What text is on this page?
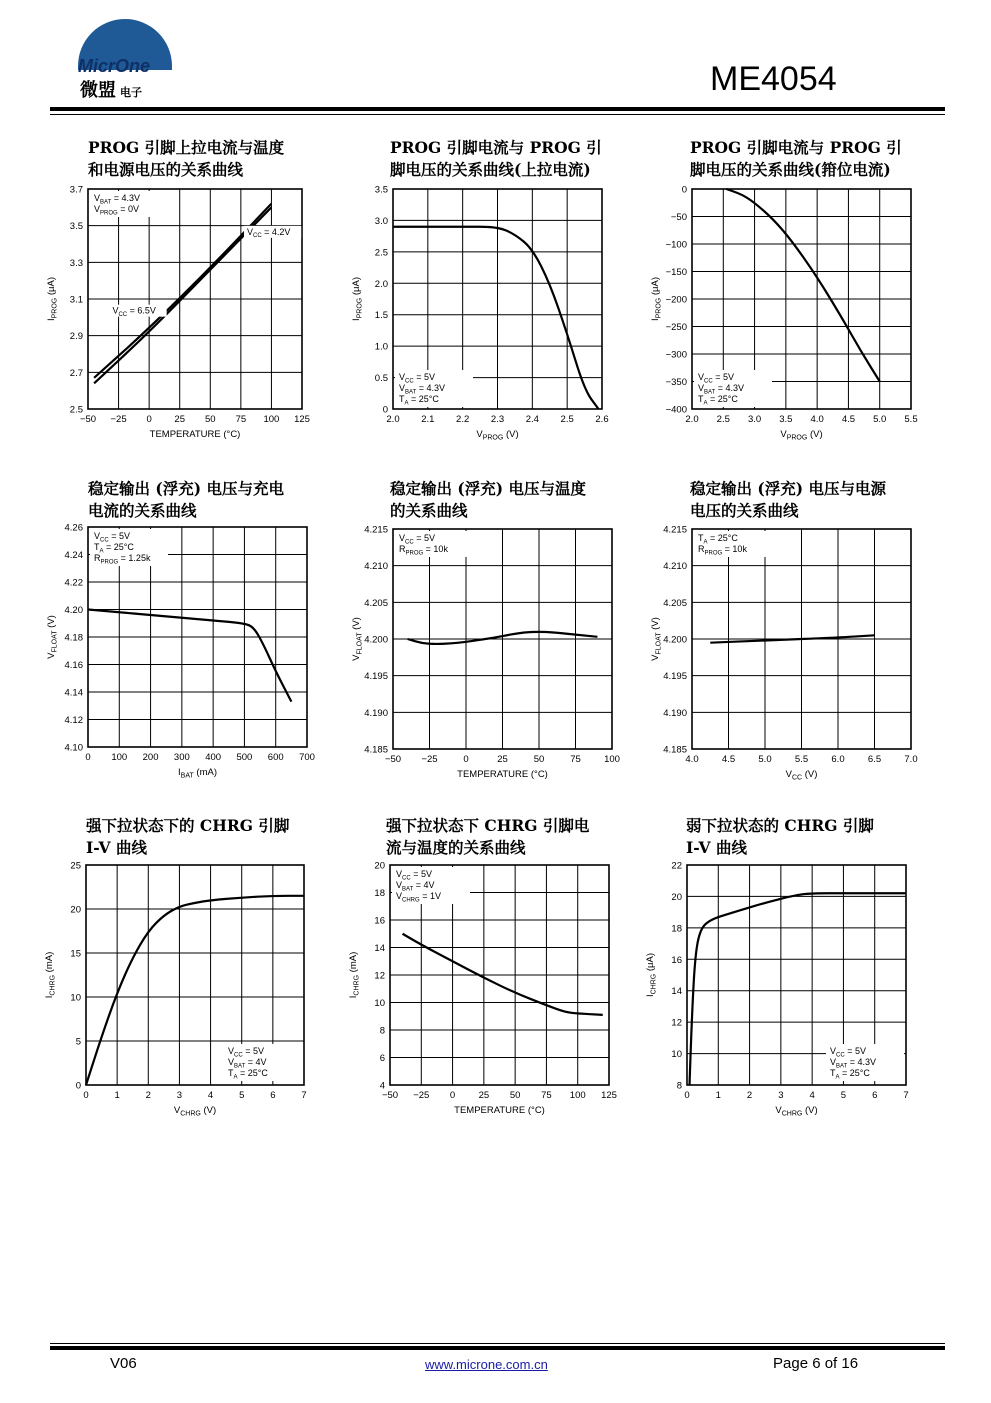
MicrOne
微盟 电子	ME4054
PROG 引脚上拉电流与温度
和电源电压的关系曲线
PROG 引脚电流与 PROG 引
脚电压的关系曲线(上拉电流)
PROG 引脚电流与 PROG 引
脚电压的关系曲线(箝位电流)
稳定输出 (浮充) 电压与充电
电流的关系曲线
稳定输出 (浮充) 电压与温度
的关系曲线
稳定输出 (浮充) 电压与电源
电压的关系曲线
强下拉状态下的 CHRG 引脚
I-V 曲线
强下拉状态下 CHRG 引脚电
流与温度的关系曲线
弱下拉状态的 CHRG 引脚
I-V 曲线
−50 −25 0 25 50 75 100 125
2.5
2.7
2.9
3.1
3.3
3.5
3.7
TEMPERATURE (°C)
$I_{PROG}$ (μA)
$V_{BAT} = 4.3V$
$V_{PROG} = 0V$
$V_{CC} = 4.2V$
$V_{CC} = 6.5V$
2.0 2.1 2.2 2.3 2.4 2.5 2.6
0
0.5
1.0
1.5
2.0
2.5
3.0
3.5
$V_{PROG}$ (V)
$I_{PROG}$ (μA)
$V_{CC} = 5V$
$V_{BAT} = 4.3V$
$T_A = 25^\circ C$
2.0 2.5 3.0 3.5 4.0 4.5 5.0 5.5
−400
−350
−300
−250
−200
−150
−100
−50
0
$V_{PROG}$ (V)
$I_{PROG}$ (μA)
$V_{CC} = 5V$
$V_{BAT} = 4.3V$
$T_A = 25^\circ C$
0 100 200 300 400 500 600 700
4.10
4.12
4.14
4.16
4.18
4.20
4.22
4.24
4.26
$I_{BAT}$ (mA)
$V_{FLOAT}$ (V)
$V_{CC} = 5V$
$T_A = 25^\circ C$
$R_{PROG} = 1.25k$
−50 −25	0	25	50	75 100
4.185
4.190
4.195
4.200
4.205
4.210
4.215
TEMPERATURE (°C)
$V_{FLOAT}$ (V)
$V_{CC} = 5V$
$R_{PROG} = 10k$
4.0 4.5 5.0 5.5 6.0 6.5 7.0
4.185
4.190
4.195
4.200
4.205
4.210
4.215
$V_{CC}$ (V)
$V_{FLOAT}$ (V)
$T_A = 25^\circ C$
$R_{PROG} = 10k$
0	1	2	3	4	5	6	7
0
5
10
15
20
25
$V_{CHRG}$ (V)
$I_{CHRG}$ (mA)
$V_{CC} = 5V$
$V_{BAT} = 4V$
$T_A = 25^\circ C$
−50 −25 0 25 50 75 100 125
4
6
8
10
12
14
16
18
20
TEMPERATURE (°C)
$I_{CHRG}$ (mA)
$V_{CC} = 5V$
$V_{BAT} = 4V$
$V_{CHRG} = 1V$
0	1	2	3	4	5	6	7
8
10
12
14
16
18
20
22
$V_{CHRG}$ (V)
$I_{CHRG}$ (μA)
$V_{CC} = 5V$
$V_{BAT} = 4.3V$
$T_A = 25^\circ C$
V06	www.microne.com.cn	Page 6 of 16
